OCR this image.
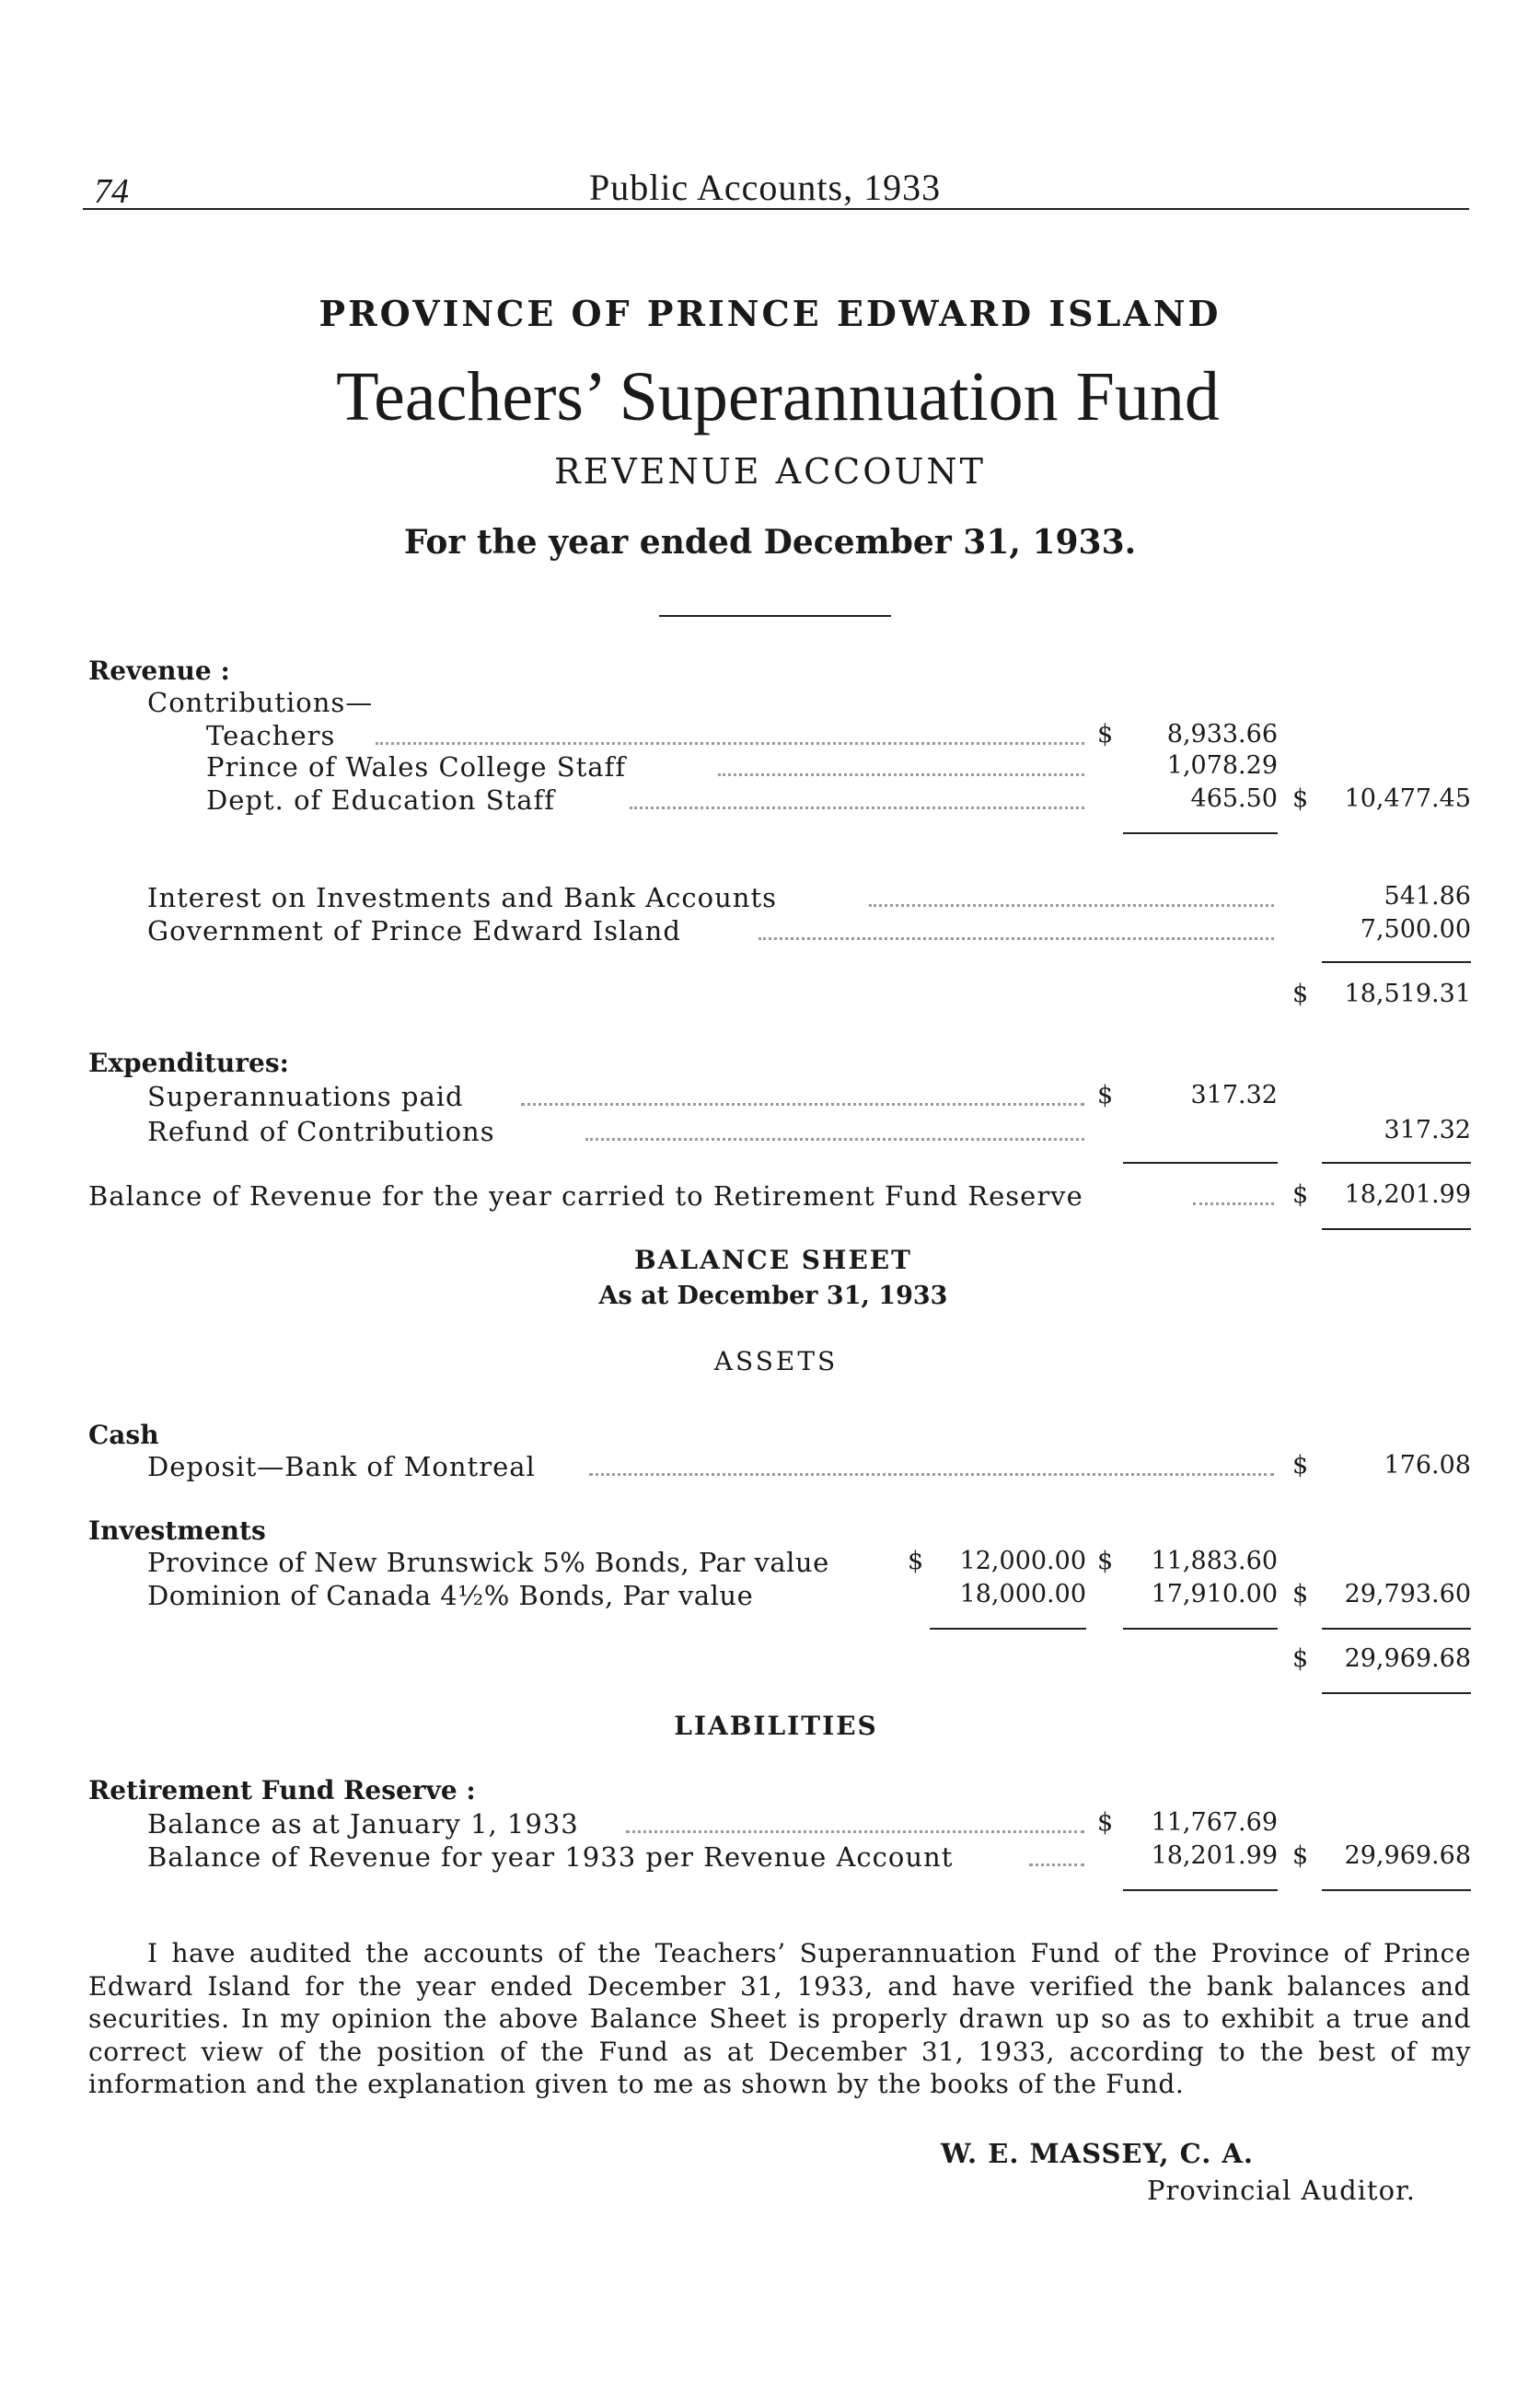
74	Public Accounts, 1933
PROVINCE OF PRINCE EDWARD ISLAND
Teachers’ Superannuation Fund
REVENUE ACCOUNT
For the year ended December 31, 1933.
Revenue :
Contributions—
Teachers	$	8,933.66
Prince of Wales College Staff	1,078.29
Dept. of Education Staff	465.50 $	10,477.45
Interest on Investments and Bank Accounts	541.86
Government of Prince Edward Island	7,500.00
$	18,519.31
Expenditures:
Superannuations paid	$	317.32
Refund of Contributions	317.32
Balance of Revenue for the year carried to Retirement Fund Reserve	$	18,201.99
BALANCE SHEET
As at December 31, 1933
ASSETS
Cash
Deposit—Bank of Montreal	$	176.08
Investments
Province of New Brunswick 5% Bonds, Par value	$	12,000.00 $	11,883.60
Dominion of Canada 4½% Bonds, Par value	18,000.00	17,910.00 $	29,793.60
$	29,969.68
LIABILITIES
Retirement Fund Reserve :
Balance as at January 1, 1933	$	11,767.69
Balance of Revenue for year 1933 per Revenue Account	18,201.99 $	29,969.68
I have audited the accounts of the Teachers’ Superannuation Fund of the Province of Prince Edward Island for the year ended December 31, 1933, and have verified the bank balances and securities. In my opinion the above Balance Sheet is properly drawn up so as to exhibit a true and correct view of the position of the Fund as at December 31, 1933, according to the best of my information and the explanation given to me as shown by the books of the Fund.
W. E. MASSEY, C. A.
Provincial Auditor.
